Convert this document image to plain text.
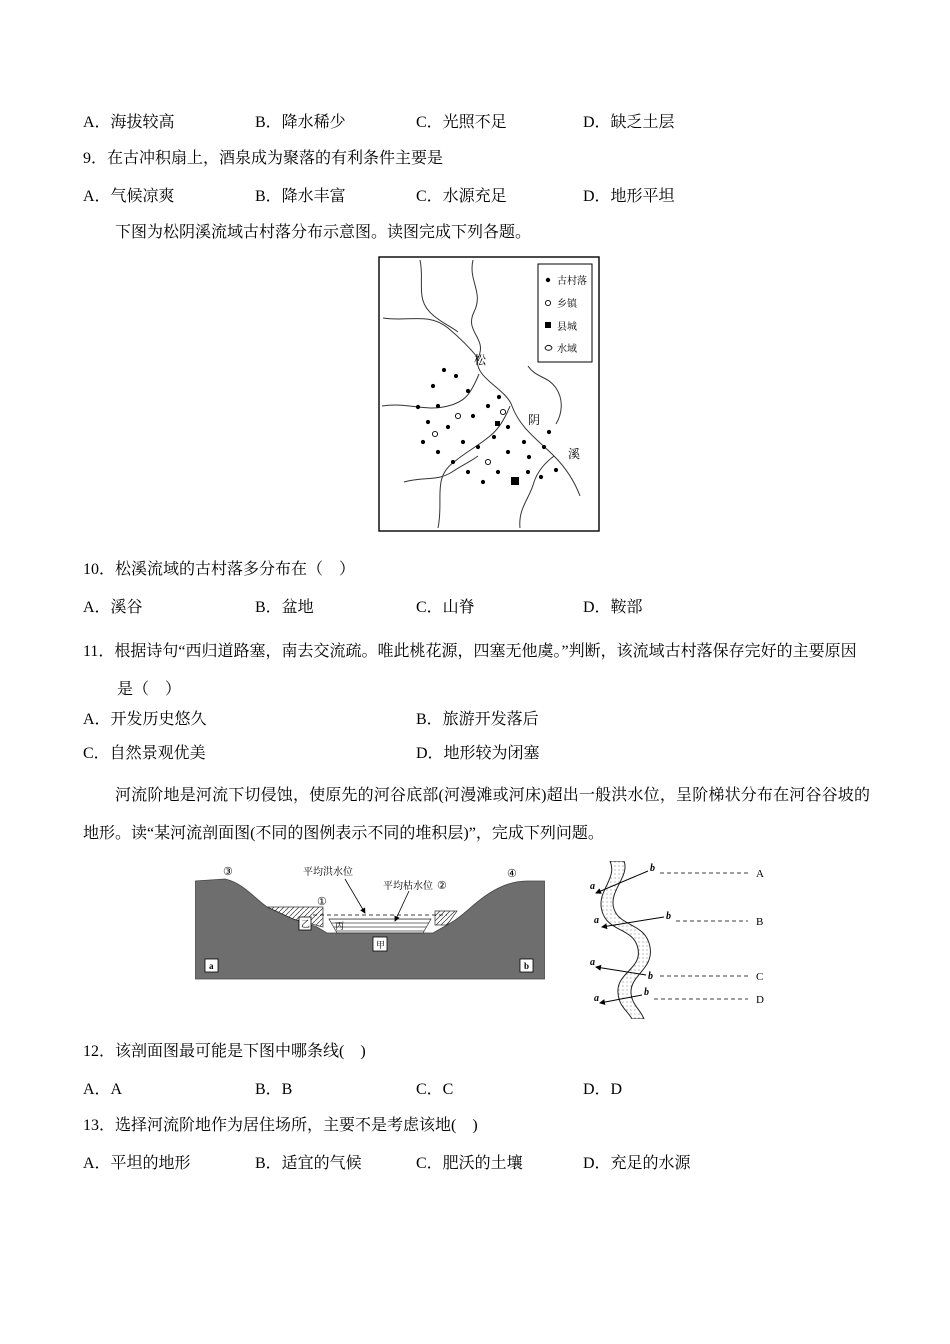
A．海拔较高	B．降水稀少	C．光照不足	D．缺乏土层
9．在古冲积扇上，酒泉成为聚落的有利条件主要是
A．气候凉爽	B．降水丰富	C．水源充足	D．地形平坦
下图为松阴溪流域古村落分布示意图。读图完成下列各题。
松
阴
溪
古村落
乡镇
县城
水域
10．松溪流域的古村落多分布在（　）
A．溪谷	B．盆地	C．山脊	D．鞍部
11．根据诗句“西归道路塞，南去交流疏。唯此桃花源，四塞无他虞。”判断，该流域古村落保存完好的主要原因是（　）
A．开发历史悠久	B．旅游开发落后
C．自然景观优美	D．地形较为闭塞
河流阶地是河流下切侵蚀，使原先的河谷底部(河漫滩或河床)超出一般洪水位，呈阶梯状分布在河谷谷坡的地形。读“某河流剖面图(不同的图例表示不同的堆积层)”，完成下列问题。
平均洪水位
平均枯水位 ②
③	④
①
乙	丙
甲
a	b
a
b	A
a	b	B
a
b	C
a
b
D
12．该剖面图最可能是下图中哪条线(　)
A．A	B．B	C．C	D．D
13．选择河流阶地作为居住场所，主要不是考虑该地(　)
A．平坦的地形	B．适宜的气候	C．肥沃的土壤	D．充足的水源
